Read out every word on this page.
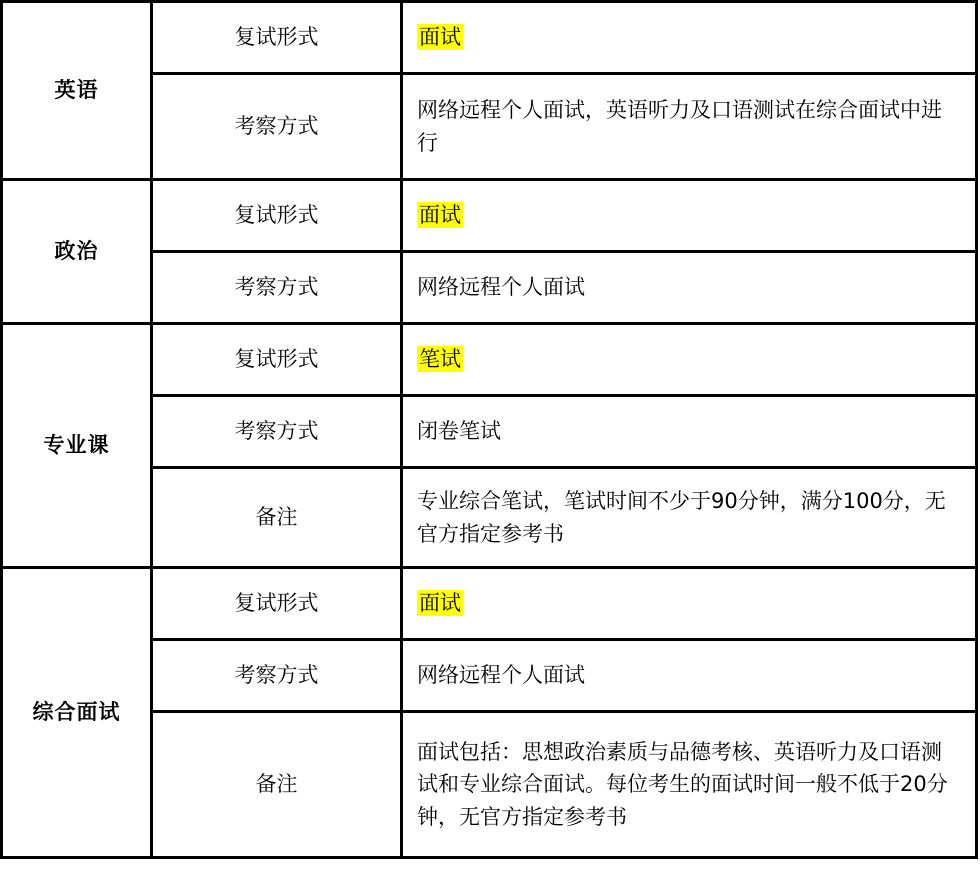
英语	复试形式	面试
	考察方式	网络远程个人面试，英语听力及口语测试在综合面试中进行
政治	复试形式	面试
	考察方式	网络远程个人面试
专业课	复试形式	笔试
	考察方式	闭卷笔试
	备注	专业综合笔试，笔试时间不少于90分钟，满分100分，无官方指定参考书
综合面试	复试形式	面试
	考察方式	网络远程个人面试
	备注	面试包括：思想政治素质与品德考核、英语听力及口语测试和专业综合面试。每位考生的面试时间一般不低于20分钟，无官方指定参考书
